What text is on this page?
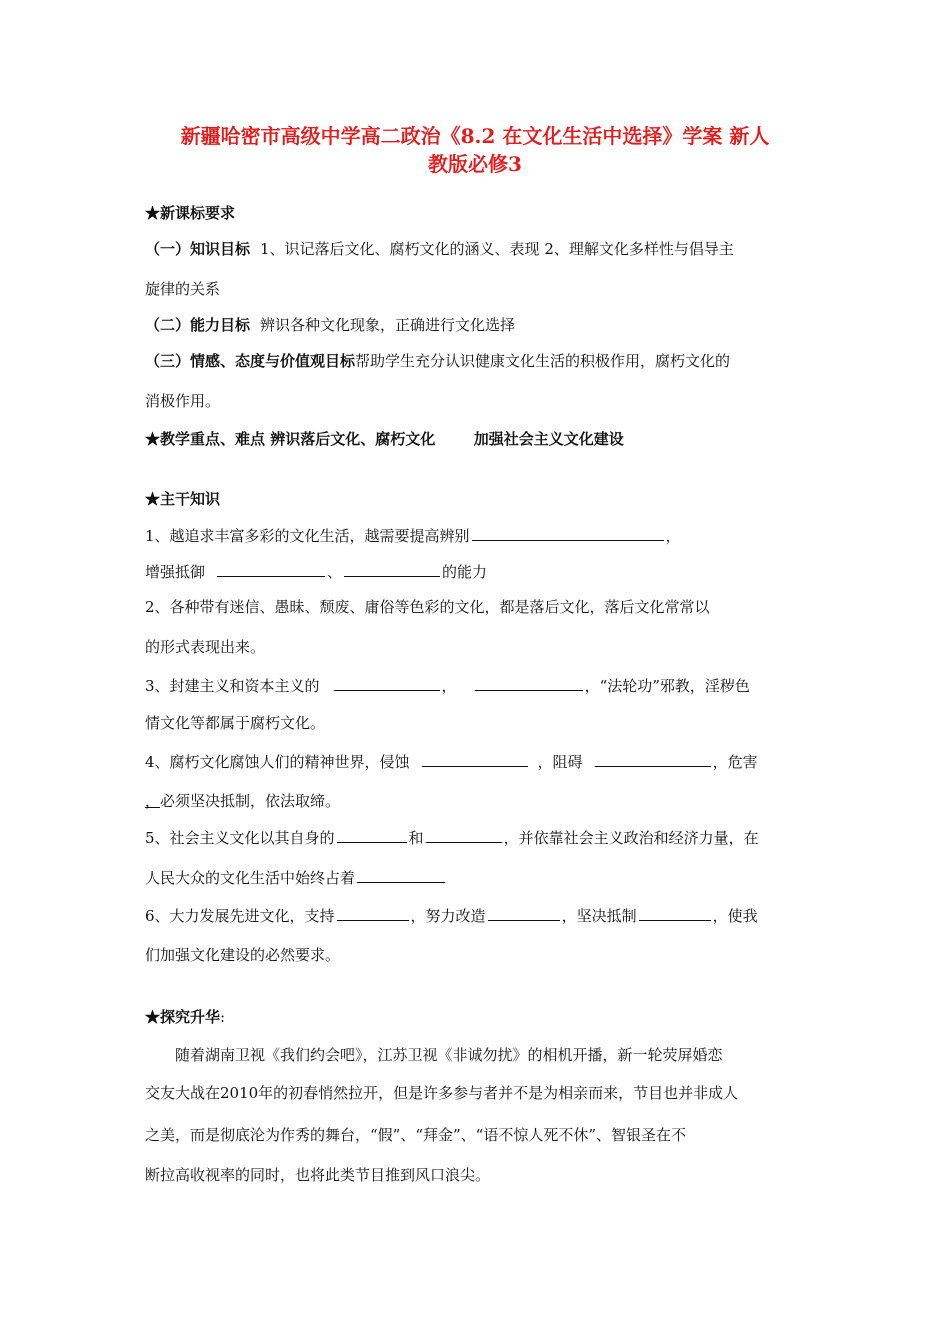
新疆哈密市高级中学高二政治《8.2 在文化生活中选择》学案 新人
教版必修3
★新课标要求
（一）知识目标 1、识记落后文化、腐朽文化的涵义、表现 2、理解文化多样性与倡导主
旋律的关系
（二）能力目标 辨识各种文化现象，正确进行文化选择
（三）情感、态度与价值观目标帮助学生充分认识健康文化生活的积极作用，腐朽文化的
消极作用。
★教学重点、难点 辨识落后文化、腐朽文化	加强社会主义文化建设
★主干知识
1、越追求丰富多彩的文化生活，越需要提高辨别	，
增强抵御	、	的能力
2、各种带有迷信、愚昧、颓废、庸俗等色彩的文化，都是落后文化，落后文化常常以
的形式表现出来。
3、封建主义和资本主义的	，	，“法轮功”邪教，淫秽色
情文化等都属于腐朽文化。
4、腐朽文化腐蚀人们的精神世界，侵蚀	，阻碍	，危害
，必须坚决抵制，依法取缔。
5、社会主义文化以其自身的	和	，并依靠社会主义政治和经济力量，在
人民大众的文化生活中始终占着
6、大力发展先进文化，支持	，努力改造	，坚决抵制	，使我
们加强文化建设的必然要求。
★探究升华:
随着湖南卫视《我们约会吧》，江苏卫视《非诚勿扰》的相机开播，新一轮荧屏婚恋
交友大战在2010年的初春悄然拉开，但是许多参与者并不是为相亲而来，节目也并非成人
之美，而是彻底沦为作秀的舞台，“假”、“拜金”、“语不惊人死不休”、智银圣在不
断拉高收视率的同时，也将此类节目推到风口浪尖。
